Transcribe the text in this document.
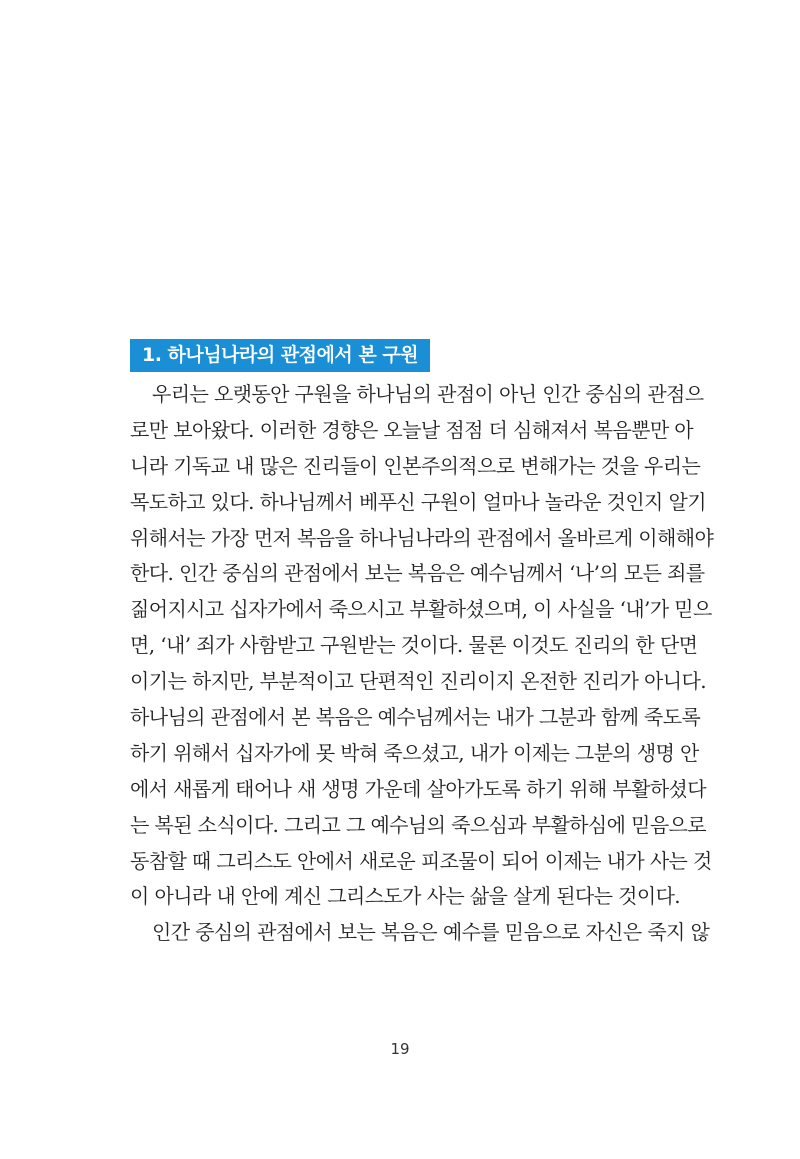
1. 하나님나라의 관점에서 본 구원
우리는 오랫동안 구원을 하나님의 관점이 아닌 인간 중심의 관점으
로만 보아왔다. 이러한 경향은 오늘날 점점 더 심해져서 복음뿐만 아
니라 기독교 내 많은 진리들이 인본주의적으로 변해가는 것을 우리는
목도하고 있다. 하나님께서 베푸신 구원이 얼마나 놀라운 것인지 알기
위해서는 가장 먼저 복음을 하나님나라의 관점에서 올바르게 이해해야
한다. 인간 중심의 관점에서 보는 복음은 예수님께서 ‘나’의 모든 죄를
짊어지시고 십자가에서 죽으시고 부활하셨으며, 이 사실을 ‘내’가 믿으
면, ‘내’ 죄가 사함받고 구원받는 것이다. 물론 이것도 진리의 한 단면
이기는 하지만, 부분적이고 단편적인 진리이지 온전한 진리가 아니다.
하나님의 관점에서 본 복음은 예수님께서는 내가 그분과 함께 죽도록
하기 위해서 십자가에 못 박혀 죽으셨고, 내가 이제는 그분의 생명 안
에서 새롭게 태어나 새 생명 가운데 살아가도록 하기 위해 부활하셨다
는 복된 소식이다. 그리고 그 예수님의 죽으심과 부활하심에 믿음으로
동참할 때 그리스도 안에서 새로운 피조물이 되어 이제는 내가 사는 것
이 아니라 내 안에 계신 그리스도가 사는 삶을 살게 된다는 것이다.
인간 중심의 관점에서 보는 복음은 예수를 믿음으로 자신은 죽지 않
19
